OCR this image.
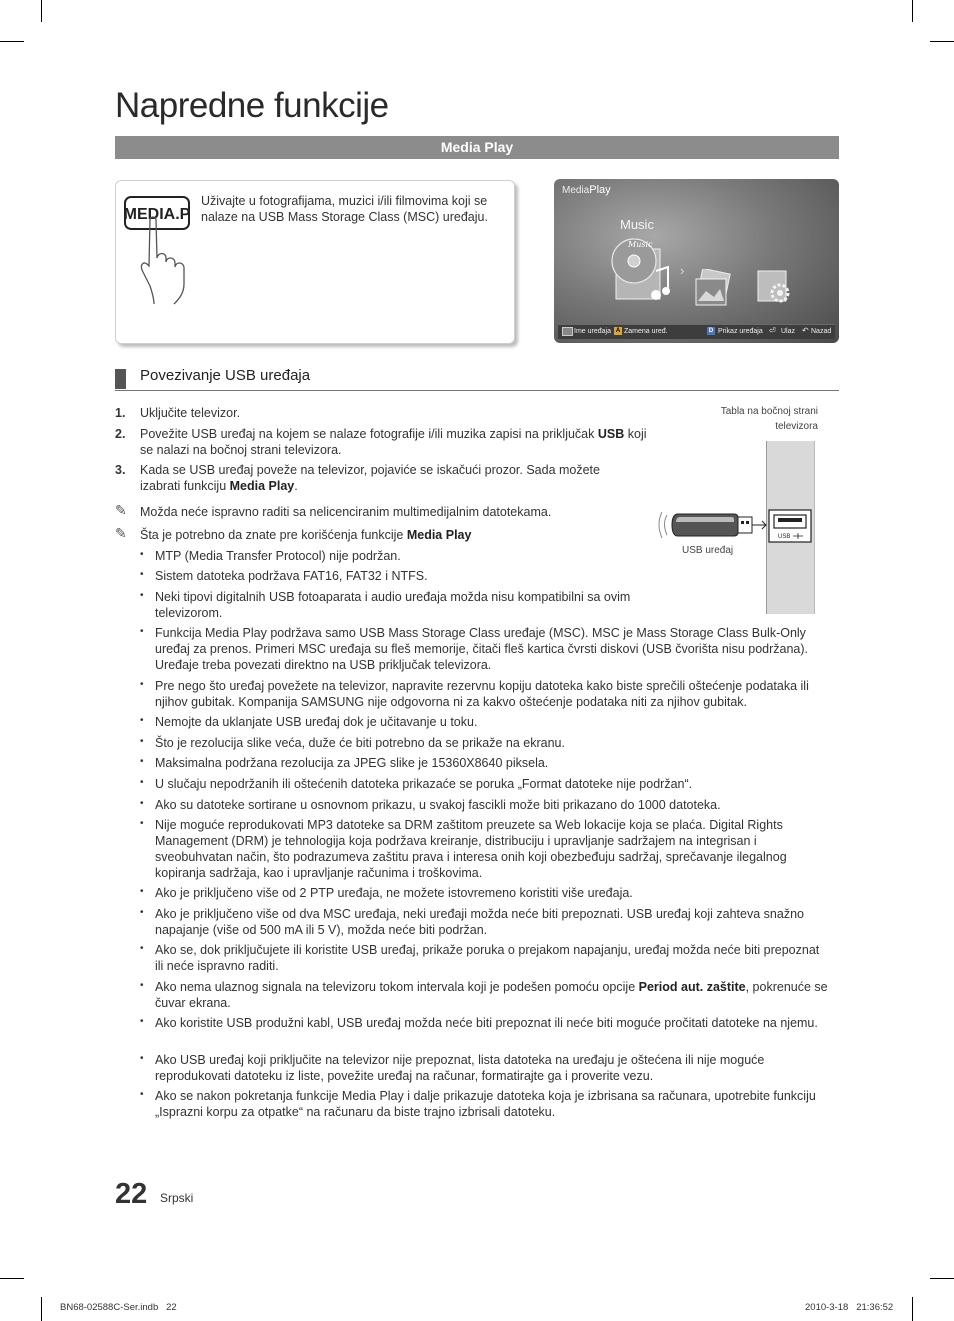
Napredne funkcije
Media Play
MEDIA.P
Uživajte u fotografijama, muzici i/ili filmovima koji se nalaze na USB Mass Storage Class (MSC) uređaju.
MediaPlay
Music
Music
›
Ime uređaja A Zamena uređ.	D Prikaz uređaja ⏎ Ulaz ↶ Nazad
Povezivanje USB uređaja
1. Uključite televizor.
2. Povežite USB uređaj na kojem se nalaze fotografije i/ili muzika zapisi na priključak USB koji se nalazi na bočnoj strani televizora.
3. Kada se USB uređaj poveže na televizor, pojaviće se iskačući prozor. Sada možete izabrati funkciju Media Play.
✎ Možda neće ispravno raditi sa nelicenciranim multimedijalnim datotekama.
✎ Šta je potrebno da znate pre korišćenja funkcije Media Play
• MTP (Media Transfer Protocol) nije podržan.
• Sistem datoteka podržava FAT16, FAT32 i NTFS.
• Neki tipovi digitalnih USB fotoaparata i audio uređaja možda nisu kompatibilni sa ovim televizorom.
• Funkcija Media Play podržava samo USB Mass Storage Class uređaje (MSC). MSC je Mass Storage Class Bulk-Only uređaj za prenos. Primeri MSC uređaja su fleš memorije, čitači fleš kartica čvrsti diskovi (USB čvorišta nisu podržana). Uređaje treba povezati direktno na USB priključak televizora.
• Pre nego što uređaj povežete na televizor, napravite rezervnu kopiju datoteka kako biste sprečili oštećenje podataka ili njihov gubitak. Kompanija SAMSUNG nije odgovorna ni za kakvo oštećenje podataka niti za njihov gubitak.
• Nemojte da uklanjate USB uređaj dok je učitavanje u toku.
• Što je rezolucija slike veća, duže će biti potrebno da se prikaže na ekranu.
• Maksimalna podržana rezolucija za JPEG slike je 15360X8640 piksela.
• U slučaju nepodržanih ili oštećenih datoteka prikazaće se poruka „Format datoteke nije podržan“.
• Ako su datoteke sortirane u osnovnom prikazu, u svakoj fascikli može biti prikazano do 1000 datoteka.
• Nije moguće reprodukovati MP3 datoteke sa DRM zaštitom preuzete sa Web lokacije koja se plaća. Digital Rights Management (DRM) je tehnologija koja podržava kreiranje, distribuciju i upravljanje sadržajem na integrisan i sveobuhvatan način, što podrazumeva zaštitu prava i interesa onih koji obezbeđuju sadržaj, sprečavanje ilegalnog kopiranja sadržaja, kao i upravljanje računima i troškovima.
• Ako je priključeno više od 2 PTP uređaja, ne možete istovremeno koristiti više uređaja.
• Ako je priključeno više od dva MSC uređaja, neki uređaji možda neće biti prepoznati. USB uređaj koji zahteva snažno napajanje (više od 500 mA ili 5 V), možda neće biti podržan.
• Ako se, dok priključujete ili koristite USB uređaj, prikaže poruka o prejakom napajanju, uređaj možda neće biti prepoznat ili neće ispravno raditi.
• Ako nema ulaznog signala na televizoru tokom intervala koji je podešen pomoću opcije Period aut. zaštite, pokrenuće se čuvar ekrana.
• Ako koristite USB produžni kabl, USB uređaj možda neće biti prepoznat ili neće biti moguće pročitati datoteke na njemu.
• Ako USB uređaj koji priključite na televizor nije prepoznat, lista datoteka na uređaju je oštećena ili nije moguće reprodukovati datoteku iz liste, povežite uređaj na računar, formatirajte ga i proverite vezu.
• Ako se nakon pokretanja funkcije Media Play i dalje prikazuje datoteka koja je izbrisana sa računara, upotrebite funkciju „Isprazni korpu za otpatke“ na računaru da biste trajno izbrisali datoteku.
Tabla na bočnoj strani televizora
USB
USB uređaj
22 Srpski
BN68-02588C-Ser.indb   22	2010-3-18   21:36:52
